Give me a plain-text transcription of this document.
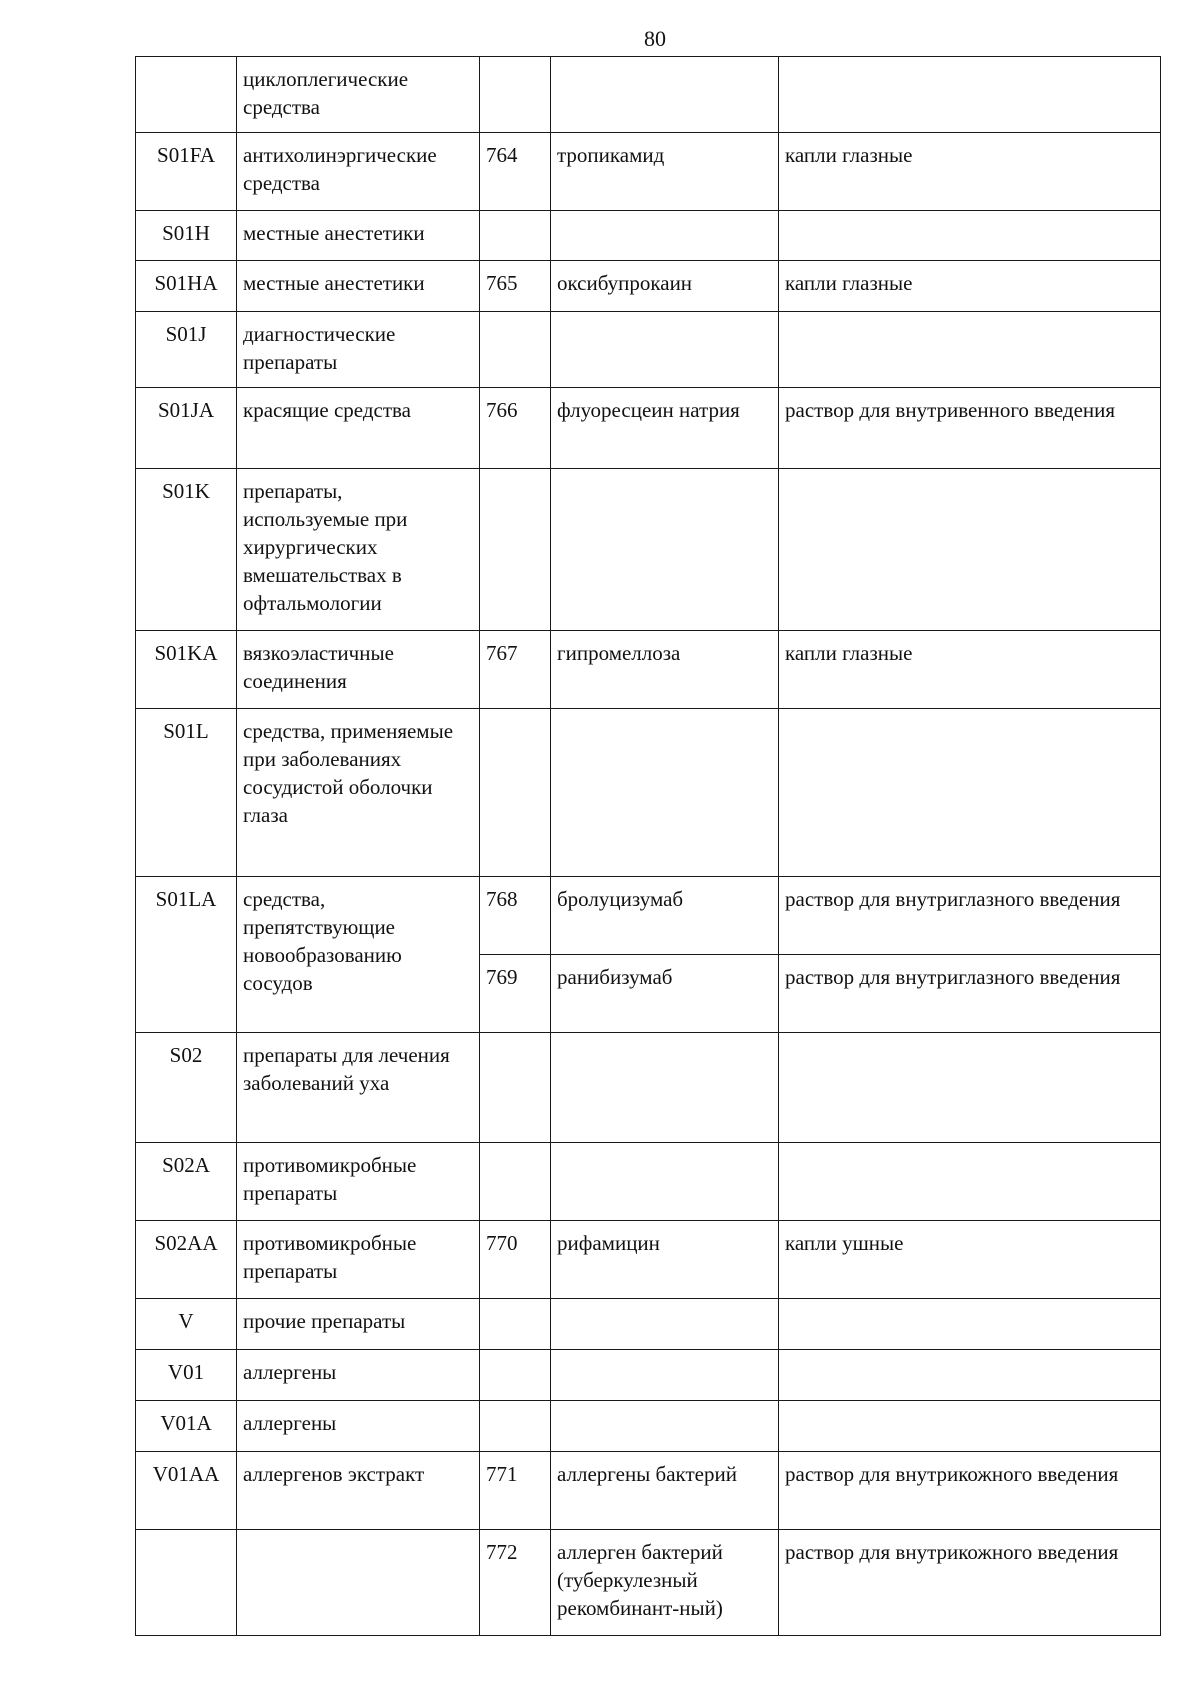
80
	циклоплегические средства			
S01FA	антихолинэргические средства	764	тропикамид	капли глазные
S01H	местные анестетики			
S01HA	местные анестетики	765	оксибупрокаин	капли глазные
S01J	диагностические препараты			
S01JA	красящие средства	766	флуоресцеин натрия	раствор для внутривенного введения
S01K	препараты, используемые при хирургических вмешательствах в офтальмологии			
S01KA	вязкоэластичные соединения	767	гипромеллоза	капли глазные
S01L	средства, применяемые при заболеваниях сосудистой оболочки глаза			
S01LA	средства, препятствующие новообразованию сосудов	768	бролуцизумаб	раствор для внутриглазного введения
		769	ранибизумаб	раствор для внутриглазного введения
S02	препараты для лечения заболеваний уха			
S02A	противомикробные препараты			
S02AA	противомикробные препараты	770	рифамицин	капли ушные
V	прочие препараты			
V01	аллергены			
V01A	аллергены			
V01AA	аллергенов экстракт	771	аллергены бактерий	раствор для внутрикожного введения
		772	аллерген бактерий (туберкулезный рекомбинант-ный)	раствор для внутрикожного введения
